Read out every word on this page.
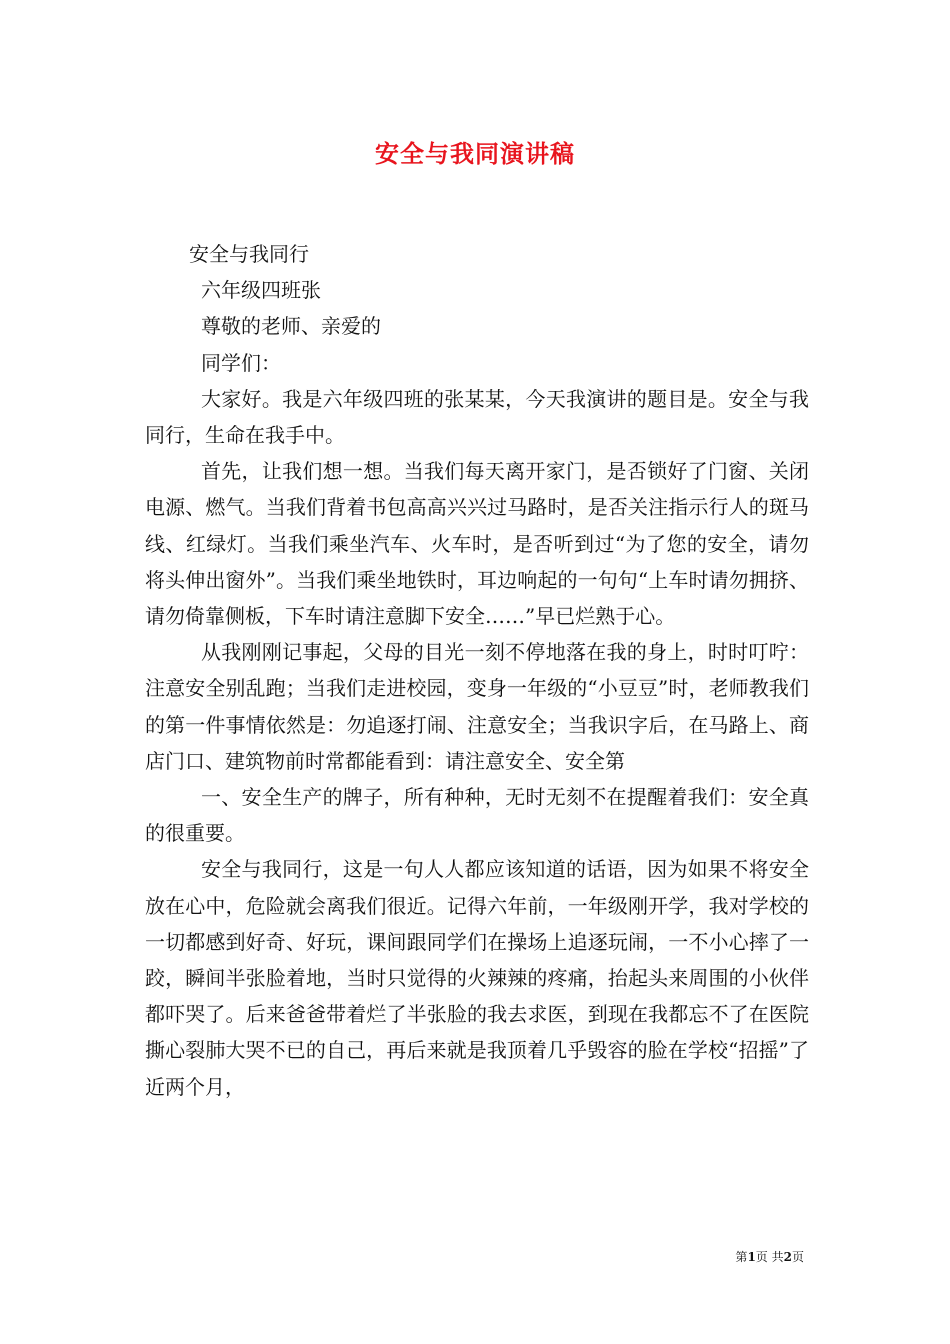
安全与我同演讲稿

安全与我同行

六年级四班张

尊敬的老师、亲爱的

同学们：

大家好。我是六年级四班的张某某，今天我演讲的题目是。安全与我同行，生命在我手中。

首先，让我们想一想。当我们每天离开家门，是否锁好了门窗、关闭电源、燃气。当我们背着书包高高兴兴过马路时，是否关注指示行人的斑马线、红绿灯。当我们乘坐汽车、火车时，是否听到过“为了您的安全，请勿将头伸出窗外”。当我们乘坐地铁时，耳边响起的一句句“上车时请勿拥挤、请勿倚靠侧板，下车时请注意脚下安全……”早已烂熟于心。

从我刚刚记事起，父母的目光一刻不停地落在我的身上，时时叮咛：注意安全别乱跑；当我们走进校园，变身一年级的“小豆豆”时，老师教我们的第一件事情依然是：勿追逐打闹、注意安全；当我识字后，在马路上、商店门口、建筑物前时常都能看到：请注意安全、安全第

一、安全生产的牌子，所有种种，无时无刻不在提醒着我们：安全真的很重要。

安全与我同行，这是一句人人都应该知道的话语，因为如果不将安全放在心中，危险就会离我们很近。记得六年前，一年级刚开学，我对学校的一切都感到好奇、好玩，课间跟同学们在操场上追逐玩闹，一不小心摔了一跤，瞬间半张脸着地，当时只觉得的火辣辣的疼痛，抬起头来周围的小伙伴都吓哭了。后来爸爸带着烂了半张脸的我去求医，到现在我都忘不了在医院撕心裂肺大哭不已的自己，再后来就是我顶着几乎毁容的脸在学校“招摇”了近两个月，

第1页 共2页
